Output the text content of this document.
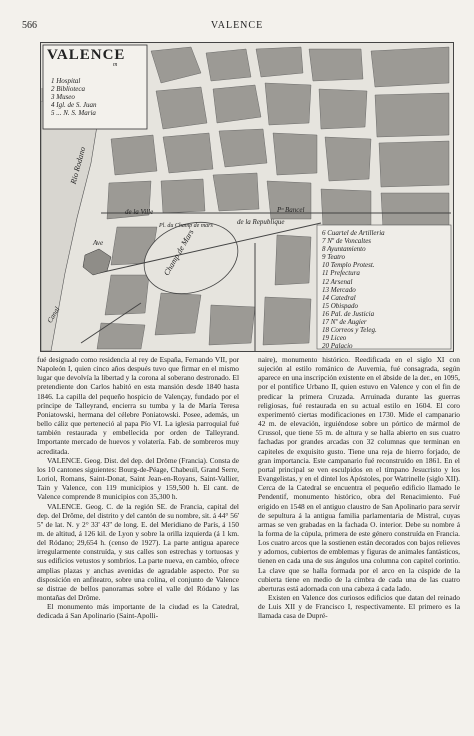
566	VALENCE
VALENCE
m
1 Hospital
2 Biblioteca
3 Museo
4 Igl. de S. Juan
5 ... N. S. Maria
6 Cuartel de Artilleria
7 Nº de Voncaltes
8 Ayuntamiento
9 Teatro
10 Templo Protest.
11 Prefectura
12 Arsenal
13 Mercado
14 Catedral
15 Obispado
16 Pal. de Justicia
17 Nº de Augier
18 Correos y Teleg.
19 Liceo
20 Palacio
Rio Rodano
Champ de Mars
Canal
Pᵒ Bancel
de la Republique
Pl. du Champ de mars
Ave
de la Ville

fué designado como residencia al rey de España, Fernando VII, por Napoleón I, quien cinco años después tuvo que firmar en el mismo lugar que devolvía la libertad y la corona al soberano destronado. El pretendiente don Carlos habitó en esta mansión desde 1840 hasta 1846. La capilla del pequeño hospicio de Valençay, fundado por el príncipe de Talleyrand, encierra su tumba y la de María Teresa Poniatowski, hermana del célebre Poniatowski. Posee, además, un bello cáliz que perteneció al papa Pío VI. La iglesia parroquial fué también restaurada y embellecida por orden de Talleyrand. Importante mercado de huevos y volatería. Fab. de sombreros muy acreditada.

VALENCE. Geog. Dist. del dep. del Drôme (Francia). Consta de los 10 cantones siguientes: Bourg-de-Péage, Chabeuil, Grand Serre, Loriol, Romans, Saint-Donat, Saint Jean-en-Royans, Saint-Vallier, Tain y Valence, con 119 municipios y 159,500 h. El cant. de Valence comprende 8 municipios con 35,300 h.

VALENCE. Geog. C. de la región SE. de Francia, capital del dep. del Drôme, del distrito y del cantón de su nombre, sit. á 44° 56' 5'' de lat. N. y 2° 33' 43'' de long. E. del Meridiano de París, á 150 m. de altitud, á 126 kil. de Lyon y sobre la orilla izquierda (á 1 km. del Ródano; 29,654 h. (censo de 1927). La parte antigua aparece irregularmente construída, y sus calles son estrechas y tortuosas y sus edificios vetustos y sombríos. La parte nueva, en cambio, ofrece amplias plazas y anchas avenidas de agradable aspecto. Por su disposición en anfiteatro, sobre una colina, el conjunto de Valence se distrae de bellos panoramas sobre el valle del Ródano y las montañas del Drôme.

El monumento más importante de la ciudad es la Catedral, dedicada á San Apolinario (Saint-Apolli-

naire), monumento histórico. Reedificada en el siglo XI con sujeción al estilo románico de Auvernia, fué consagrada, según aparece en una inscripción existente en el ábside de la der., en 1095, por el pontífice Urbano II, quien estuvo en Valence y con el fin de predicar la primera Cruzada. Arruinada durante las guerras religiosas, fué restaurada en su actual estilo en 1604. El coro experimentó ciertas modificaciones en 1730. Mide el campanario 42 m. de elevación, irguiéndose sobre un pórtico de mármol de Crussol, que tiene 55 m. de altura y se halla abierto en sus cuatro fachadas por grandes arcadas con 32 columnas que terminan en capiteles de exquisito gusto. Tiene una reja de hierro forjado, de gran importancia. Este campanario fué reconstruído en 1861. En el portal principal se ven esculpidos en el tímpano Jesucristo y los Evangelistas, y en el dintel los Apóstoles, por Watrinelle (siglo XII). Cerca de la Catedral se encuentra el pequeño edificio llamado le Pendentif, monumento histórico, obra del Renacimiento. Fué erigido en 1548 en el antiguo claustro de San Apolinario para servir de sepultura á la antigua familia parlamentaria de Mistral, cuyas armas se ven grabadas en la fachada O. interior. Debe su nombre á la forma de la cúpula, primera de este género construída en Francia. Los cuatro arcos que la sostienen están decorados con bajos relieves y adornos, cubiertos de emblemas y figuras de animales fantásticos, tienen en cada una de sus ángulos una columna con capitel corintio. La clave que se halla formada por el arco en la cúspide de la cubierta tiene en medio de la cimbra de cada una de las cuatro aberturas está adornada con una cabeza á cada lado.

Existen en Valence dos curiosos edificios que datan del reinado de Luis XII y de Francisco I, respectivamente. El primero es la llamada casa de Dupré-
